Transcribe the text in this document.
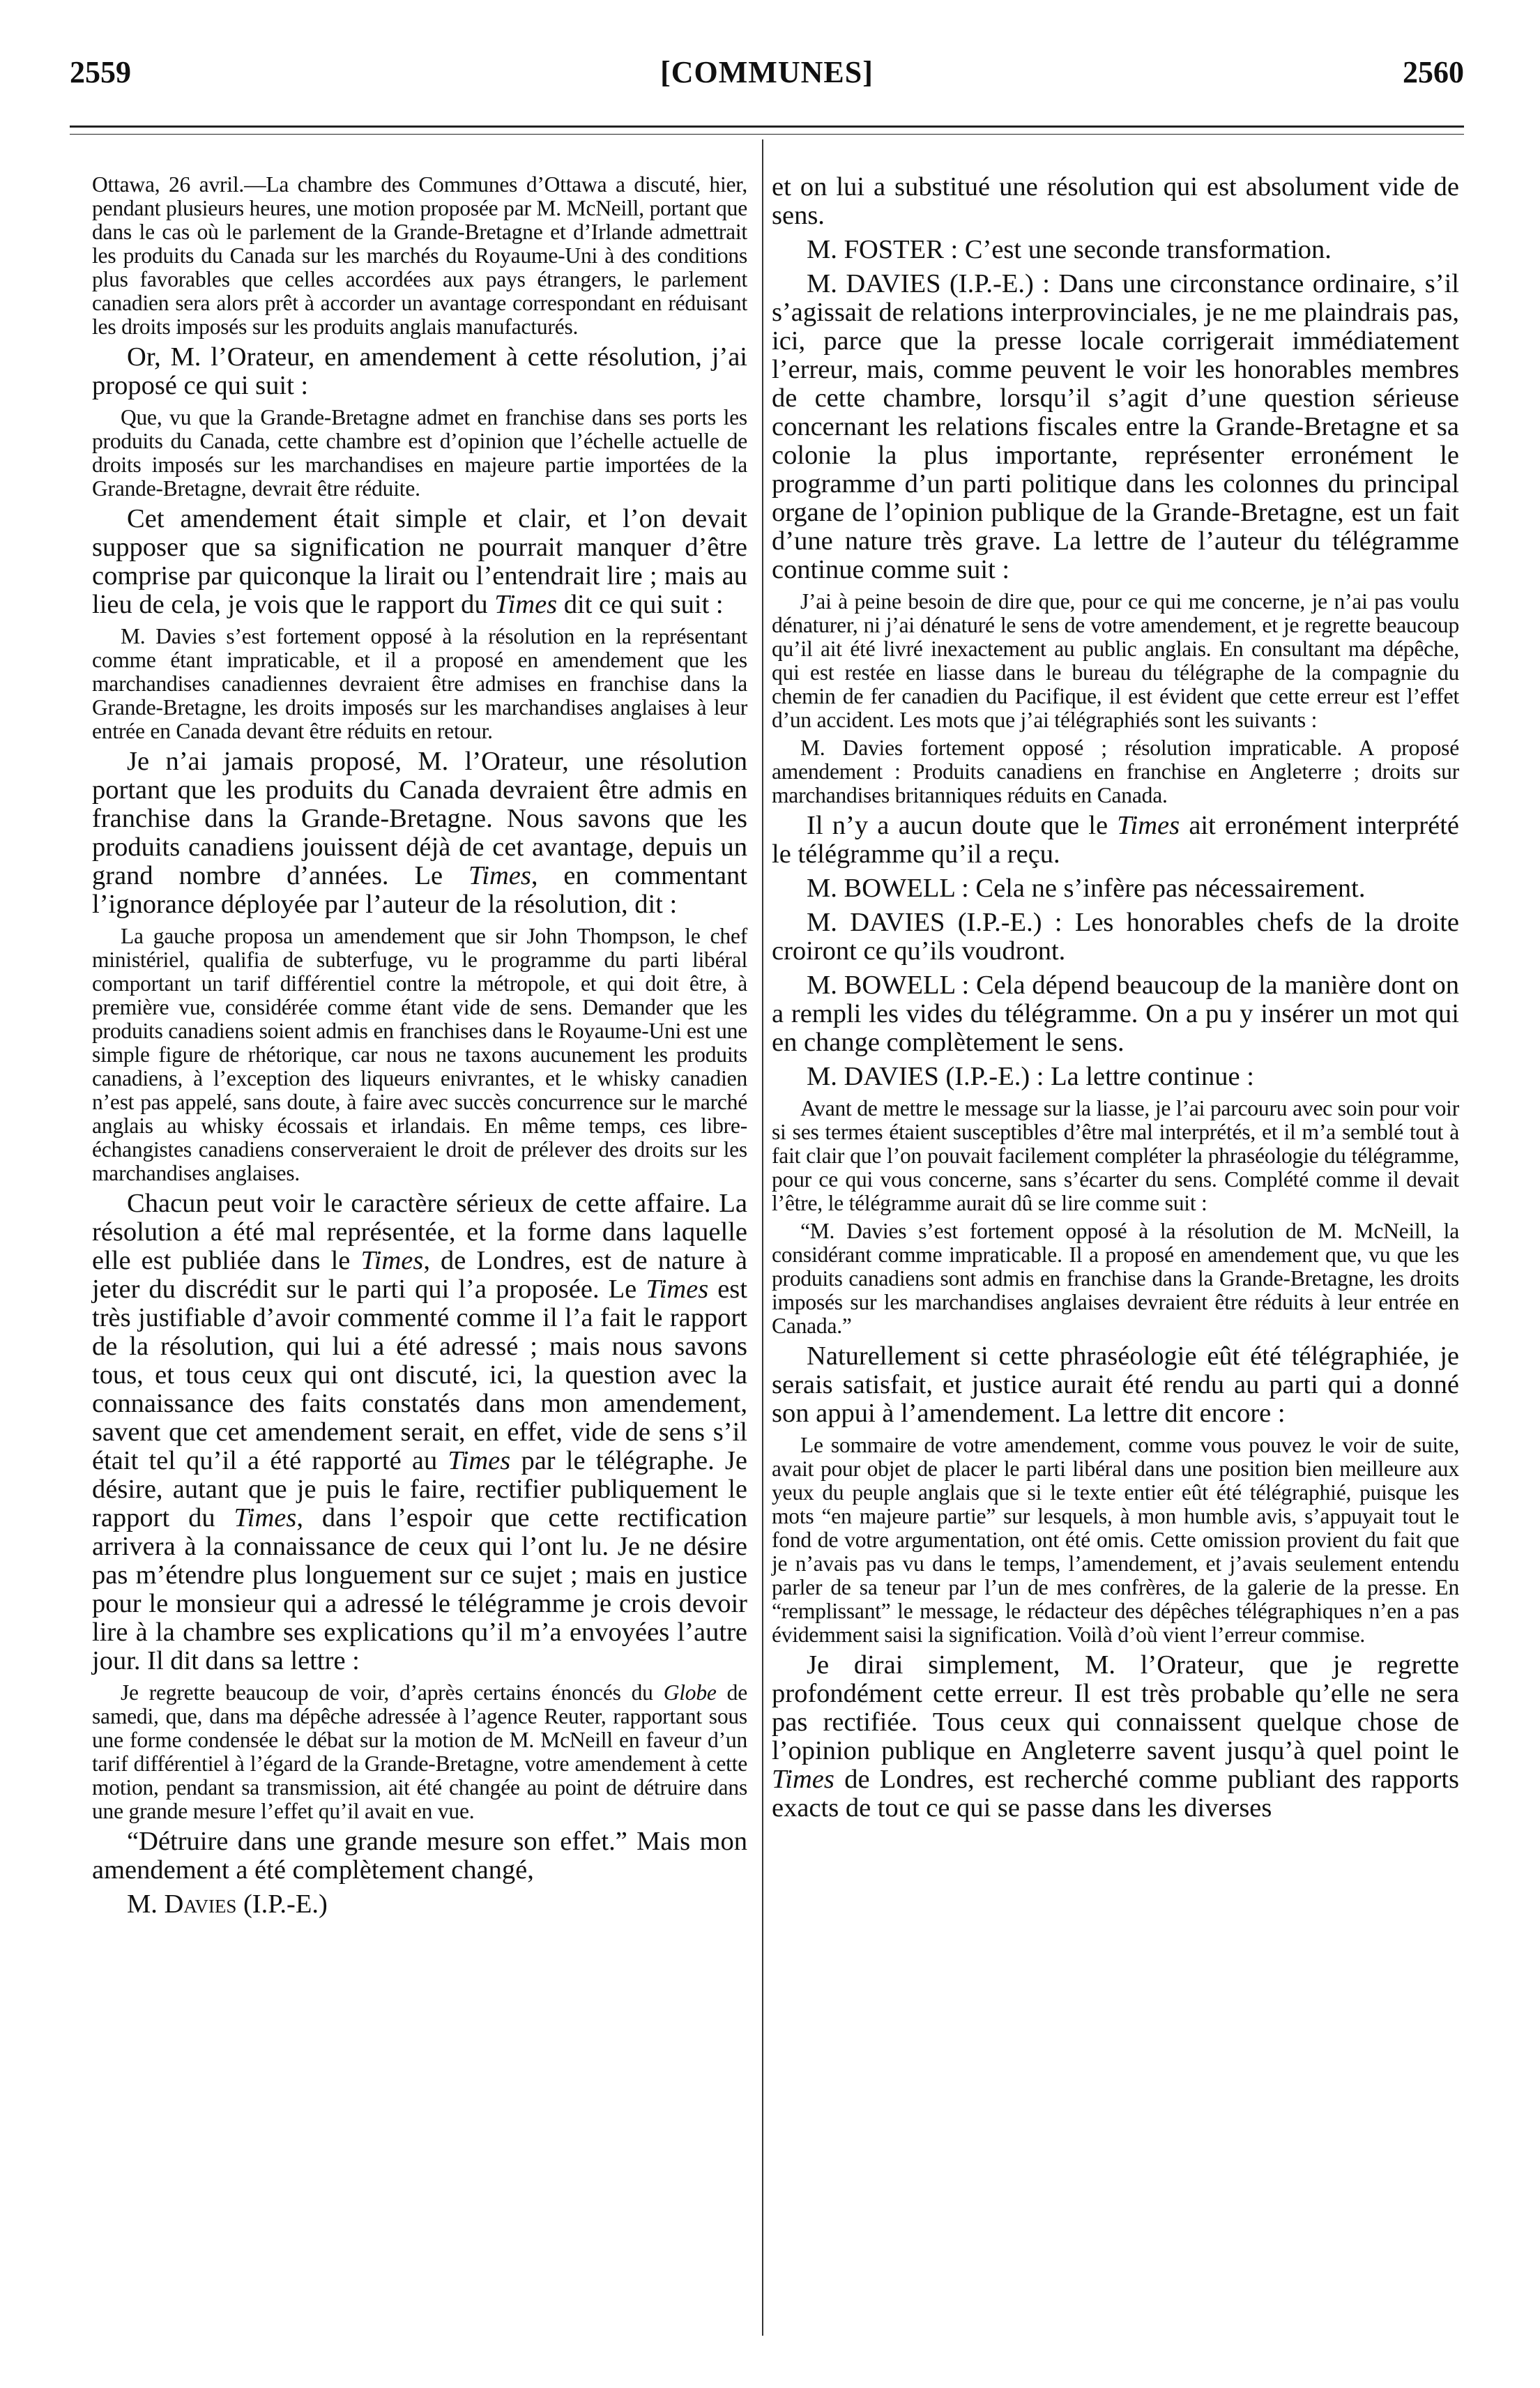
[COMMUNES]
2559	2560

Ottawa, 26 avril.—La chambre des Communes d’Ottawa a discuté, hier, pendant plusieurs heures, une motion proposée par M. McNeill, portant que dans le cas où le parlement de la Grande-Bretagne et d’Irlande admettrait les produits du Canada sur les marchés du Royaume-Uni à des conditions plus favorables que celles accordées aux pays étrangers, le parlement canadien sera alors prêt à accorder un avantage correspondant en réduisant les droits imposés sur les produits anglais manufacturés.

Or, M. l’Orateur, en amendement à cette résolution, j’ai proposé ce qui suit :

Que, vu que la Grande-Bretagne admet en franchise dans ses ports les produits du Canada, cette chambre est d’opinion que l’échelle actuelle de droits imposés sur les marchandises en majeure partie importées de la Grande-Bretagne, devrait être réduite.

Cet amendement était simple et clair, et l’on devait supposer que sa signification ne pourrait manquer d’être comprise par quiconque la lirait ou l’entendrait lire ; mais au lieu de cela, je vois que le rapport du Times dit ce qui suit :

M. Davies s’est fortement opposé à la résolution en la représentant comme étant impraticable, et il a proposé en amendement que les marchandises canadiennes devraient être admises en franchise dans la Grande-Bretagne, les droits imposés sur les marchandises anglaises à leur entrée en Canada devant être réduits en retour.

Je n’ai jamais proposé, M. l’Orateur, une résolution portant que les produits du Canada devraient être admis en franchise dans la Grande-Bretagne. Nous savons que les produits canadiens jouissent déjà de cet avantage, depuis un grand nombre d’années. Le Times, en commentant l’ignorance déployée par l’auteur de la résolution, dit :

La gauche proposa un amendement que sir John Thompson, le chef ministériel, qualifia de subterfuge, vu le programme du parti libéral comportant un tarif différentiel contre la métropole, et qui doit être, à première vue, considérée comme étant vide de sens. Demander que les produits canadiens soient admis en franchises dans le Royaume-Uni est une simple figure de rhétorique, car nous ne taxons aucunement les produits canadiens, à l’exception des liqueurs enivrantes, et le whisky canadien n’est pas appelé, sans doute, à faire avec succès concurrence sur le marché anglais au whisky écossais et irlandais. En même temps, ces libre-échangistes canadiens conserveraient le droit de prélever des droits sur les marchandises anglaises.

Chacun peut voir le caractère sérieux de cette affaire. La résolution a été mal représentée, et la forme dans laquelle elle est publiée dans le Times, de Londres, est de nature à jeter du discrédit sur le parti qui l’a proposée. Le Times est très justifiable d’avoir commenté comme il l’a fait le rapport de la résolution, qui lui a été adressé ; mais nous savons tous, et tous ceux qui ont discuté, ici, la question avec la connaissance des faits constatés dans mon amendement, savent que cet amendement serait, en effet, vide de sens s’il était tel qu’il a été rapporté au Times par le télégraphe. Je désire, autant que je puis le faire, rectifier publiquement le rapport du Times, dans l’espoir que cette rectification arrivera à la connaissance de ceux qui l’ont lu. Je ne désire pas m’étendre plus longuement sur ce sujet ; mais en justice pour le monsieur qui a adressé le télégramme je crois devoir lire à la chambre ses explications qu’il m’a envoyées l’autre jour. Il dit dans sa lettre :

Je regrette beaucoup de voir, d’après certains énoncés du Globe de samedi, que, dans ma dépêche adressée à l’agence Reuter, rapportant sous une forme condensée le débat sur la motion de M. McNeill en faveur d’un tarif différentiel à l’égard de la Grande-Bretagne, votre amendement à cette motion, pendant sa transmission, ait été changée au point de détruire dans une grande mesure l’effet qu’il avait en vue.

“Détruire dans une grande mesure son effet.” Mais mon amendement a été complètement changé,

M. Davies (I.P.-E.)

et on lui a substitué une résolution qui est absolument vide de sens.

M. FOSTER : C’est une seconde transformation.

M. DAVIES (I.P.-E.) : Dans une circonstance ordinaire, s’il s’agissait de relations interprovinciales, je ne me plaindrais pas, ici, parce que la presse locale corrigerait immédiatement l’erreur, mais, comme peuvent le voir les honorables membres de cette chambre, lorsqu’il s’agit d’une question sérieuse concernant les relations fiscales entre la Grande-Bretagne et sa colonie la plus importante, représenter erronément le programme d’un parti politique dans les colonnes du principal organe de l’opinion publique de la Grande-Bretagne, est un fait d’une nature très grave. La lettre de l’auteur du télégramme continue comme suit :

J’ai à peine besoin de dire que, pour ce qui me concerne, je n’ai pas voulu dénaturer, ni j’ai dénaturé le sens de votre amendement, et je regrette beaucoup qu’il ait été livré inexactement au public anglais. En consultant ma dépêche, qui est restée en liasse dans le bureau du télégraphe de la compagnie du chemin de fer canadien du Pacifique, il est évident que cette erreur est l’effet d’un accident. Les mots que j’ai télégraphiés sont les suivants :

M. Davies fortement opposé ; résolution impraticable. A proposé amendement : Produits canadiens en franchise en Angleterre ; droits sur marchandises britanniques réduits en Canada.

Il n’y a aucun doute que le Times ait erronément interprété le télégramme qu’il a reçu.

M. BOWELL : Cela ne s’infère pas nécessairement.

M. DAVIES (I.P.-E.) : Les honorables chefs de la droite croiront ce qu’ils voudront.

M. BOWELL : Cela dépend beaucoup de la manière dont on a rempli les vides du télégramme. On a pu y insérer un mot qui en change complètement le sens.

M. DAVIES (I.P.-E.) : La lettre continue :

Avant de mettre le message sur la liasse, je l’ai parcouru avec soin pour voir si ses termes étaient susceptibles d’être mal interprétés, et il m’a semblé tout à fait clair que l’on pouvait facilement compléter la phraséologie du télégramme, pour ce qui vous concerne, sans s’écarter du sens. Complété comme il devait l’être, le télégramme aurait dû se lire comme suit :

“M. Davies s’est fortement opposé à la résolution de M. McNeill, la considérant comme impraticable. Il a proposé en amendement que, vu que les produits canadiens sont admis en franchise dans la Grande-Bretagne, les droits imposés sur les marchandises anglaises devraient être réduits à leur entrée en Canada.”

Naturellement si cette phraséologie eût été télégraphiée, je serais satisfait, et justice aurait été rendu au parti qui a donné son appui à l’amendement. La lettre dit encore :

Le sommaire de votre amendement, comme vous pouvez le voir de suite, avait pour objet de placer le parti libéral dans une position bien meilleure aux yeux du peuple anglais que si le texte entier eût été télégraphié, puisque les mots “en majeure partie” sur lesquels, à mon humble avis, s’appuyait tout le fond de votre argumentation, ont été omis. Cette omission provient du fait que je n’avais pas vu dans le temps, l’amendement, et j’avais seulement entendu parler de sa teneur par l’un de mes confrères, de la galerie de la presse. En “remplissant” le message, le rédacteur des dépêches télégraphiques n’en a pas évidemment saisi la signification. Voilà d’où vient l’erreur commise.

Je dirai simplement, M. l’Orateur, que je regrette profondément cette erreur. Il est très probable qu’elle ne sera pas rectifiée. Tous ceux qui connaissent quelque chose de l’opinion publique en Angleterre savent jusqu’à quel point le Times de Londres, est recherché comme publiant des rapports exacts de tout ce qui se passe dans les diverses
